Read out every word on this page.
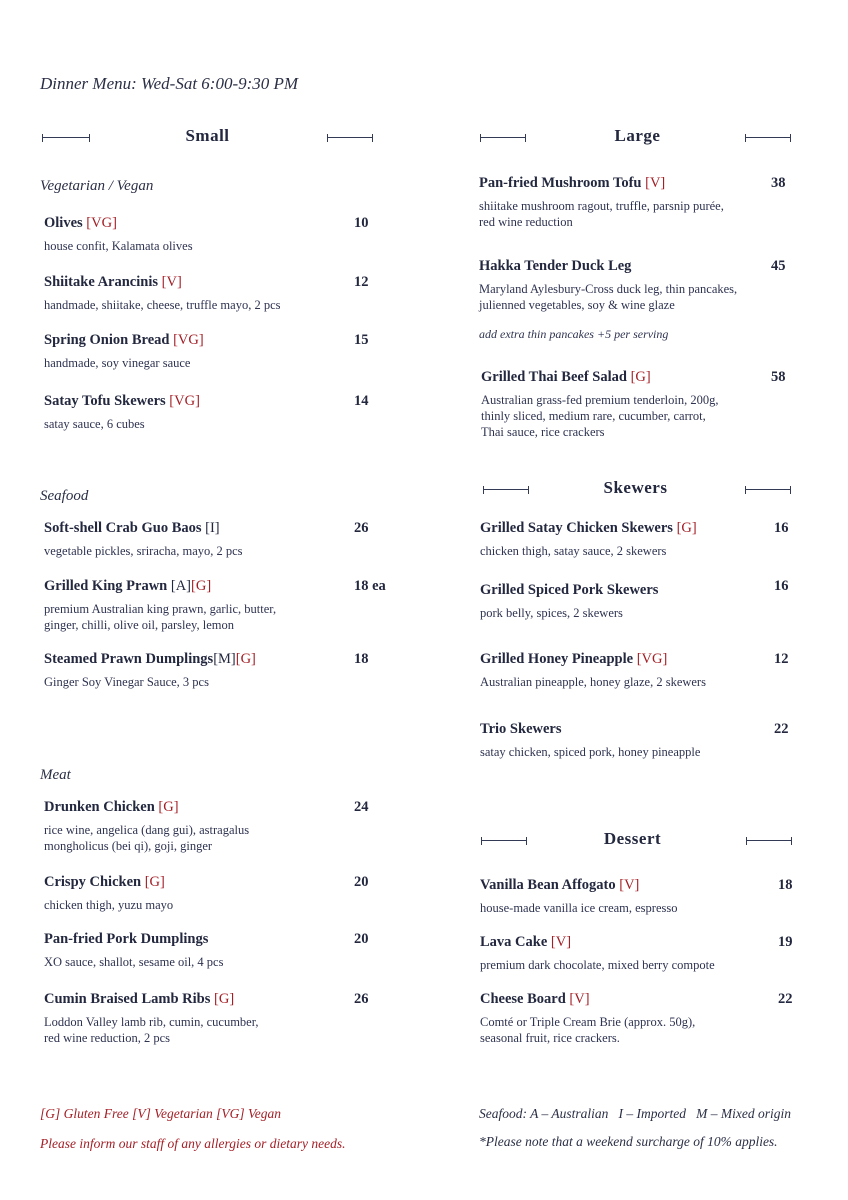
Dinner Menu: Wed-Sat 6:00-9:30 PM
Small	Large
Vegetarian / Vegan
Olives [VG]	10
house confit, Kalamata olives
Shiitake Arancinis [V]	12
handmade, shiitake, cheese, truffle mayo, 2 pcs
Spring Onion Bread [VG]	15
handmade, soy vinegar sauce
Satay Tofu Skewers [VG]	14
satay sauce, 6 cubes
Seafood
Soft-shell Crab Guo Baos [I]	26
vegetable pickles, sriracha, mayo, 2 pcs
Grilled King Prawn [A][G]	18 ea
premium Australian king prawn, garlic, butter,
ginger, chilli, olive oil, parsley, lemon
Steamed Prawn Dumplings[M][G]	18
Ginger Soy Vinegar Sauce, 3 pcs
Meat
Drunken Chicken [G]	24
rice wine, angelica (dang gui), astragalus
mongholicus (bei qi), goji, ginger
Crispy Chicken [G]	20
chicken thigh, yuzu mayo
Pan-fried Pork Dumplings	20
XO sauce, shallot, sesame oil, 4 pcs
Cumin Braised Lamb Ribs [G]	26
Loddon Valley lamb rib, cumin, cucumber,
red wine reduction, 2 pcs
Pan-fried Mushroom Tofu [V]	38
shiitake mushroom ragout, truffle, parsnip purée,
red wine reduction
Hakka Tender Duck Leg	45
Maryland Aylesbury-Cross duck leg, thin pancakes,
julienned vegetables, soy & wine glaze
add extra thin pancakes +5 per serving
Grilled Thai Beef Salad [G]	58
Australian grass-fed premium tenderloin, 200g,
thinly sliced, medium rare, cucumber, carrot,
Thai sauce, rice crackers
Skewers
Grilled Satay Chicken Skewers [G]	16
chicken thigh, satay sauce, 2 skewers
Grilled Spiced Pork Skewers	16
pork belly, spices, 2 skewers
Grilled Honey Pineapple [VG]	12
Australian pineapple, honey glaze, 2 skewers
Trio Skewers	22
satay chicken, spiced pork, honey pineapple
Dessert
Vanilla Bean Affogato [V]	18
house-made vanilla ice cream, espresso
Lava Cake [V]	19
premium dark chocolate, mixed berry compote
Cheese Board [V]	22
Comté or Triple Cream Brie (approx. 50g),
seasonal fruit, rice crackers.
[G] Gluten Free [V] Vegetarian [VG] Vegan
Please inform our staff of any allergies or dietary needs.
Seafood: A – Australian   I – Imported   M – Mixed origin
*Please note that a weekend surcharge of 10% applies.
